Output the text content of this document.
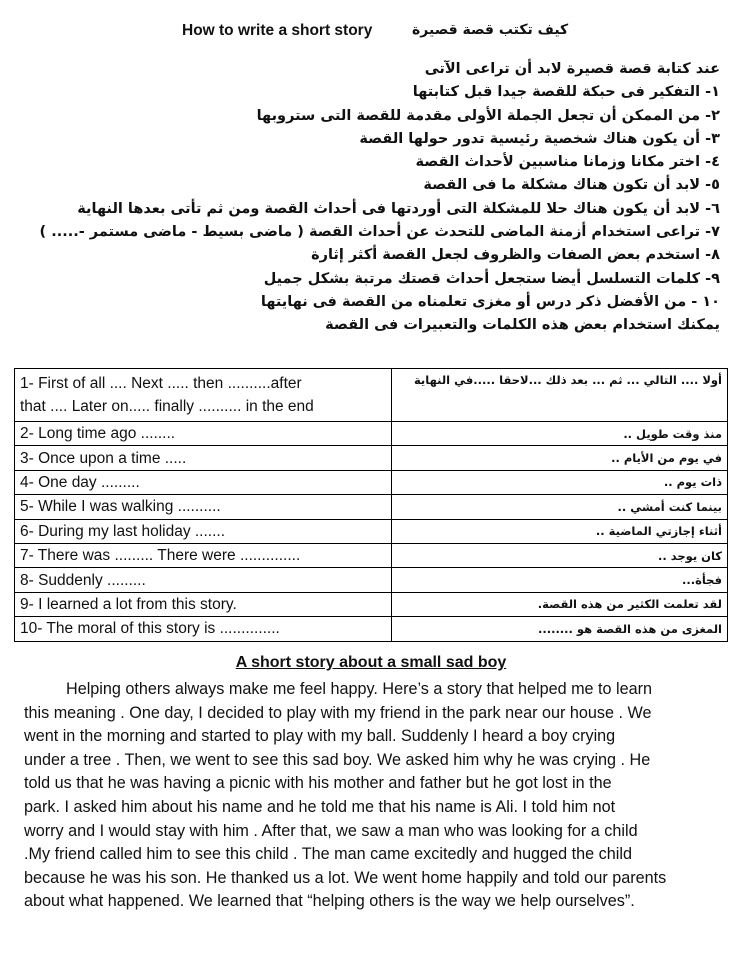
How to write a short story	كيف تكتب قصة قصيرة
عند كتابة قصة قصيرة لابد أن تراعى الآتى
١- التفكير فى حبكة للقصة جيدا قبل كتابتها
٢- من الممكن أن تجعل الجملة الأولى مقدمة للقصة التى ستروبها
٣- أن يكون هناك شخصية رئيسية تدور حولها القصة
٤- اختر مكانا وزمانا مناسبين لأحداث القصة
٥- لابد أن تكون هناك مشكلة ما فى القصة
٦- لابد أن يكون هناك حلا للمشكلة التى أوردتها فى أحداث القصة ومن ثم تأتى بعدها النهاية
٧- تراعى استخدام أزمنة الماضى للتحدث عن أحداث القصة ( ماضى بسيط - ماضى مستمر -..... )
٨- استخدم بعض الصفات والظروف لجعل القصة أكثر إثارة
٩- كلمات التسلسل أيضا ستجعل أحداث قصتك مرتبة بشكل جميل
١٠ - من الأفضل ذكر درس أو مغزى تعلمناه من القصة فى نهايتها
يمكنك استخدام بعض هذه الكلمات والتعبيرات فى القصة
1- First of all .... Next ..... then ..........after
that .... Later on..... finally .......... in the end	أولا .... التالي ... ثم ... بعد ذلك ...لاحقا .....في النهاية
2- Long time ago ........	منذ وقت طويل ..
3- Once upon a time .....	في يوم من الأيام ..
4- One day .........	ذات يوم ..
5- While I was walking ..........	بينما كنت أمشي ..
6- During my last holiday .......	أثناء إجازتي الماضية ..
7- There was ......... There were ..............	كان يوجد ..
8- Suddenly .........	فجأة...
9- I learned a lot from this story.	لقد تعلمت الكثير من هذه القصة.
10- The moral of this story is ..............	المغزى من هذه القصة هو ........
A short story about a small sad boy
Helping others always make me feel happy. Here’s a story that helped me to learn
this meaning . One day, I decided to play with my friend in the park near our house . We
went in the morning and started to play with my ball. Suddenly I heard a boy crying
under a tree . Then, we went to see this sad boy. We asked him why he was crying . He
told us that he was having a picnic with his mother and father but he got lost in the
park. I asked him about his name and he told me that his name is Ali. I told him not
worry and I would stay with him . After that, we saw a man who was looking for a child
.My friend called him to see this child . The man came excitedly and hugged the child
because he was his son. He thanked us a lot. We went home happily and told our parents
about what happened. We learned that “helping others is the way we help ourselves”.
